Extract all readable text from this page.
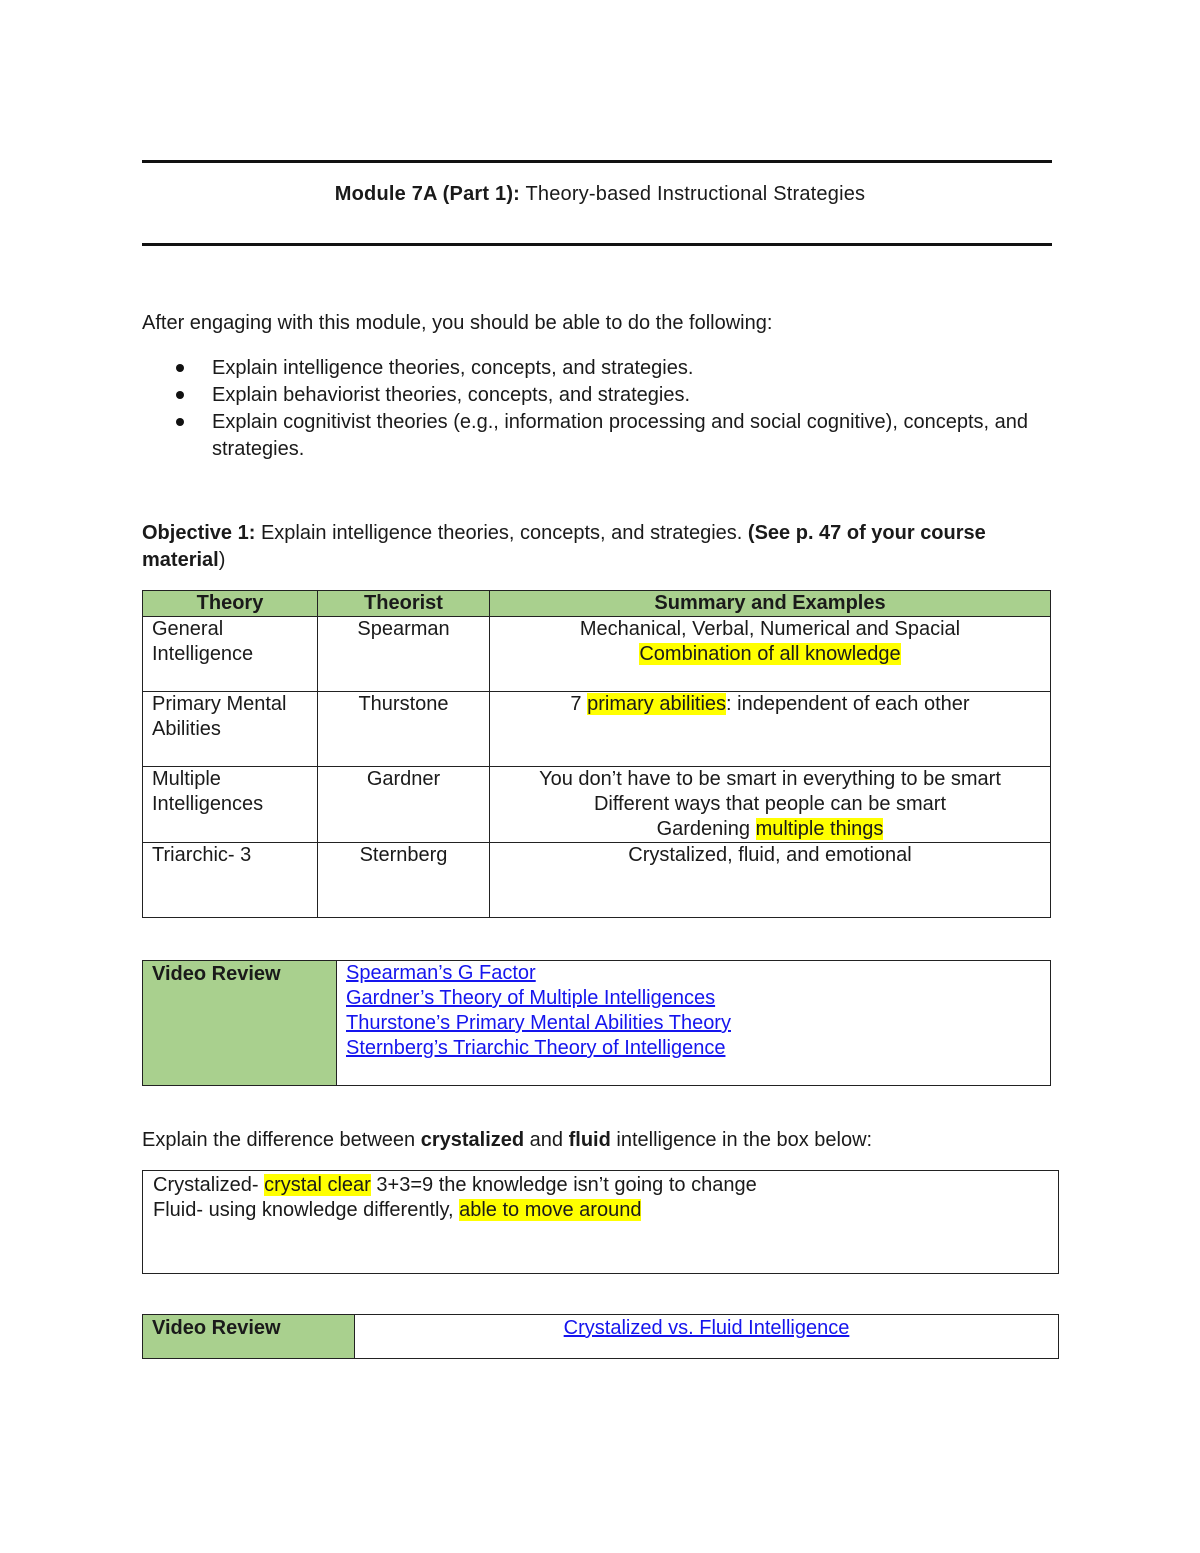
Module 7A (Part 1): Theory-based Instructional Strategies
After engaging with this module, you should be able to do the following:
Explain intelligence theories, concepts, and strategies.
Explain behaviorist theories, concepts, and strategies.
Explain cognitivist theories (e.g., information processing and social cognitive), concepts, and strategies.
Objective 1: Explain intelligence theories, concepts, and strategies. (See p. 47 of your course material)
Theory	Theorist	Summary and Examples
General Intelligence	Spearman	Mechanical, Verbal, Numerical and Spacial
Combination of all knowledge

Primary Mental Abilities	Thurstone	7 primary abilities: independent of each other
Multiple Intelligences	Gardner	You don’t have to be smart in everything to be smart
Different ways that people can be smart
Gardening multiple things

Triarchic- 3	Sternberg	Crystalized, fluid, and emotional
Video Review	Spearman’s G Factor
Gardner’s Theory of Multiple Intelligences
Thurstone’s Primary Mental Abilities Theory
Sternberg’s Triarchic Theory of Intelligence
Explain the difference between crystalized and fluid intelligence in the box below:
Crystalized- crystal clear 3+3=9 the knowledge isn’t going to change
Fluid- using knowledge differently, able to move around
Video Review	Crystalized vs. Fluid Intelligence
